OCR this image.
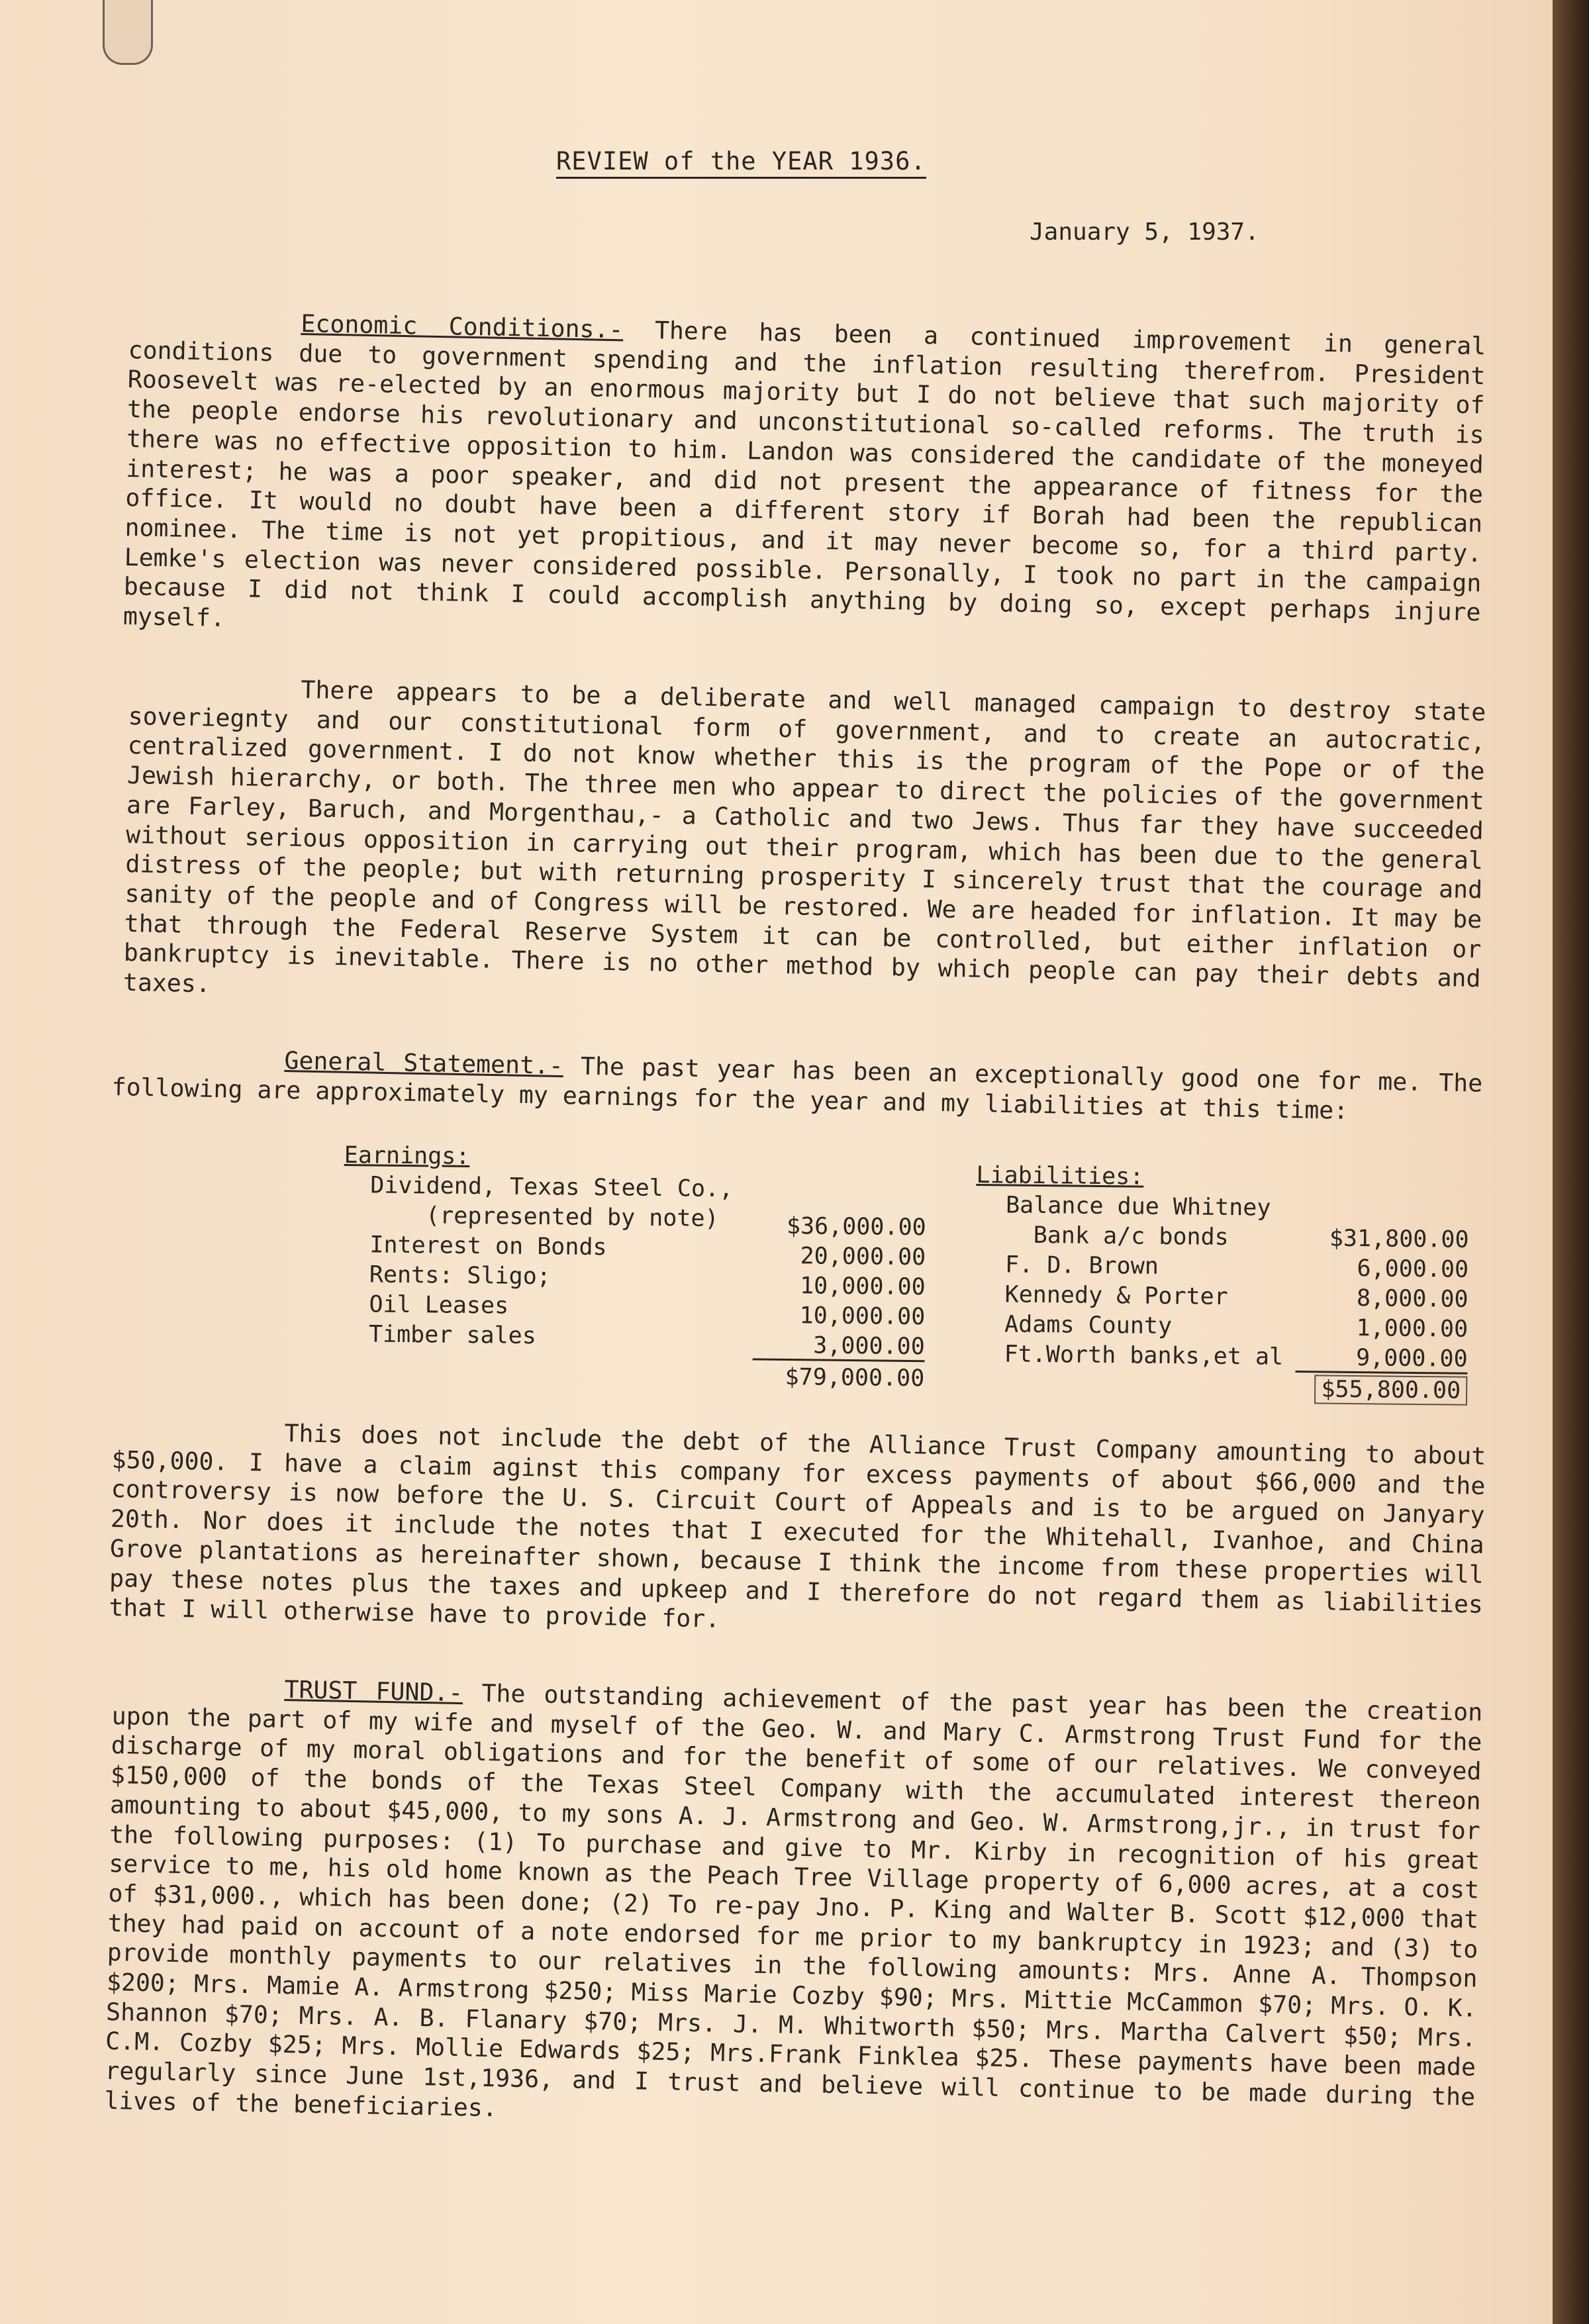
REVIEW of the YEAR 1936.
January 5, 1937.

Economic Conditions.- There has been a continued improvement in general conditions due to government spending and the inflation resulting therefrom. President Roosevelt was re-elected by an enormous majority but I do not believe that such majority of the people endorse his revolutionary and unconstitutional so-called reforms. The truth is there was no effective opposition to him. Landon was considered the candidate of the moneyed interest; he was a poor speaker, and did not present the appearance of fitness for the office. It would no doubt have been a different story if Borah had been the republican nominee. The time is not yet propitious, and it may never become so, for a third party. Lemke's election was never considered possible. Personally, I took no part in the campaign because I did not think I could accomplish anything by doing so, except perhaps injure myself.

There appears to be a deliberate and well managed campaign to destroy state soveriegnty and our constitutional form of government, and to create an autocratic, centralized government. I do not know whether this is the program of the Pope or of the Jewish hierarchy, or both. The three men who appear to direct the policies of the government are Farley, Baruch, and Morgenthau,- a Catholic and two Jews. Thus far they have succeeded without serious opposition in carrying out their program, which has been due to the general distress of the people; but with returning prosperity I sincerely trust that the courage and sanity of the people and of Congress will be restored. We are headed for inflation. It may be that through the Federal Reserve System it can be controlled, but either inflation or bankruptcy is inevitable. There is no other method by which people can pay their debts and taxes.

General Statement.- The past year has been an exceptionally good one for me. The following are approximately my earnings for the year and my liabilities at this time:

Earnings:
Dividend, Texas Steel Co.,
(represented by note)	$36,000.00
Interest on Bonds	20,000.00
Rents: Sligo;	10,000.00
Oil Leases	10,000.00
Timber sales	3,000.00
$79,000.00
Liabilities:
Balance due Whitney
Bank a/c bonds	$31,800.00
F. D. Brown	6,000.00
Kennedy & Porter	8,000.00
Adams County	1,000.00
Ft.Worth banks,et al	9,000.00
$55,800.00

This does not include the debt of the Alliance Trust Company amounting to about $50,000. I have a claim aginst this company for excess payments of about $66,000 and the controversy is now before the U. S. Circuit Court of Appeals and is to be argued on Janyary 20th. Nor does it include the notes that I executed for the Whitehall, Ivanhoe, and China Grove plantations as hereinafter shown, because I think the income from these properties will pay these notes plus the taxes and upkeep and I therefore do not regard them as liabilities that I will otherwise have to provide for.

TRUST FUND.- The outstanding achievement of the past year has been the creation upon the part of my wife and myself of the Geo. W. and Mary C. Armstrong Trust Fund for the discharge of my moral obligations and for the benefit of some of our relatives. We conveyed $150,000 of the bonds of the Texas Steel Company with the accumulated interest thereon amounting to about $45,000, to my sons A. J. Armstrong and Geo. W. Armstrong,jr., in trust for the following purposes: (1) To purchase and give to Mr. Kirby in recognition of his great service to me, his old home known as the Peach Tree Village property of 6,000 acres, at a cost of $31,000., which has been done; (2) To re-pay Jno. P. King and Walter B. Scott $12,000 that they had paid on account of a note endorsed for me prior to my bankruptcy in 1923; and (3) to provide monthly payments to our relatives in the following amounts: Mrs. Anne A. Thompson $200; Mrs. Mamie A. Armstrong $250; Miss Marie Cozby $90; Mrs. Mittie McCammon $70; Mrs. O. K. Shannon $70; Mrs. A. B. Flanary $70; Mrs. J. M. Whitworth $50; Mrs. Martha Calvert $50; Mrs. C.M. Cozby $25; Mrs. Mollie Edwards $25; Mrs.Frank Finklea $25. These payments have been made regularly since June 1st,1936, and I trust and believe will continue to be made during the lives of the beneficiaries.
